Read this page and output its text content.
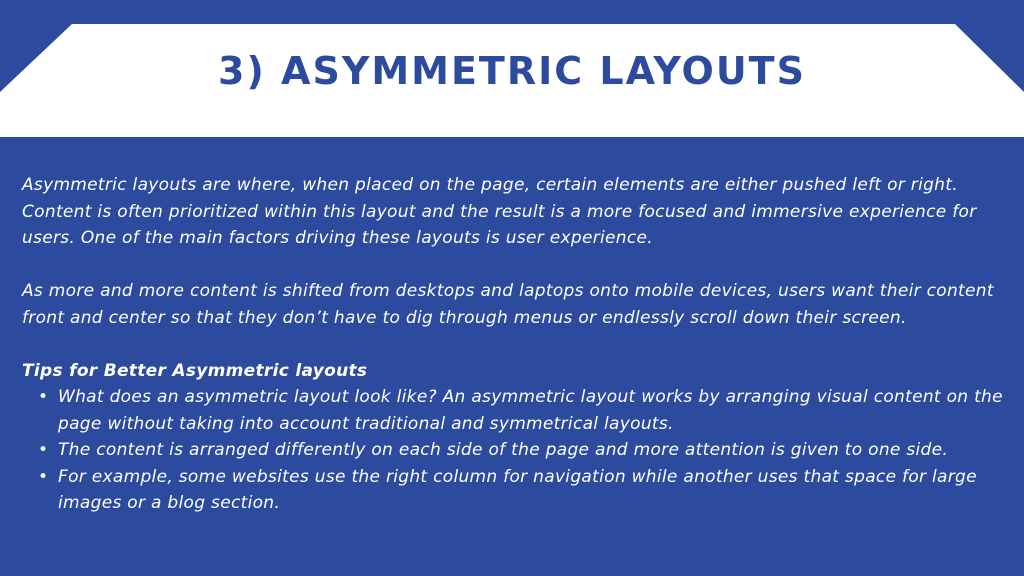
3) ASYMMETRIC LAYOUTS

Asymmetric layouts are where, when placed on the page, certain elements are either pushed left or right. Content is often prioritized within this layout and the result is a more focused and immersive experience for users. One of the main factors driving these layouts is user experience.

As more and more content is shifted from desktops and laptops onto mobile devices, users want their content front and center so that they don’t have to dig through menus or endlessly scroll down their screen.

Tips for Better Asymmetric layouts
• What does an asymmetric layout look like? An asymmetric layout works by arranging visual content on the page without taking into account traditional and symmetrical layouts.
• The content is arranged differently on each side of the page and more attention is given to one side.
• For example, some websites use the right column for navigation while another uses that space for large images or a blog section.
